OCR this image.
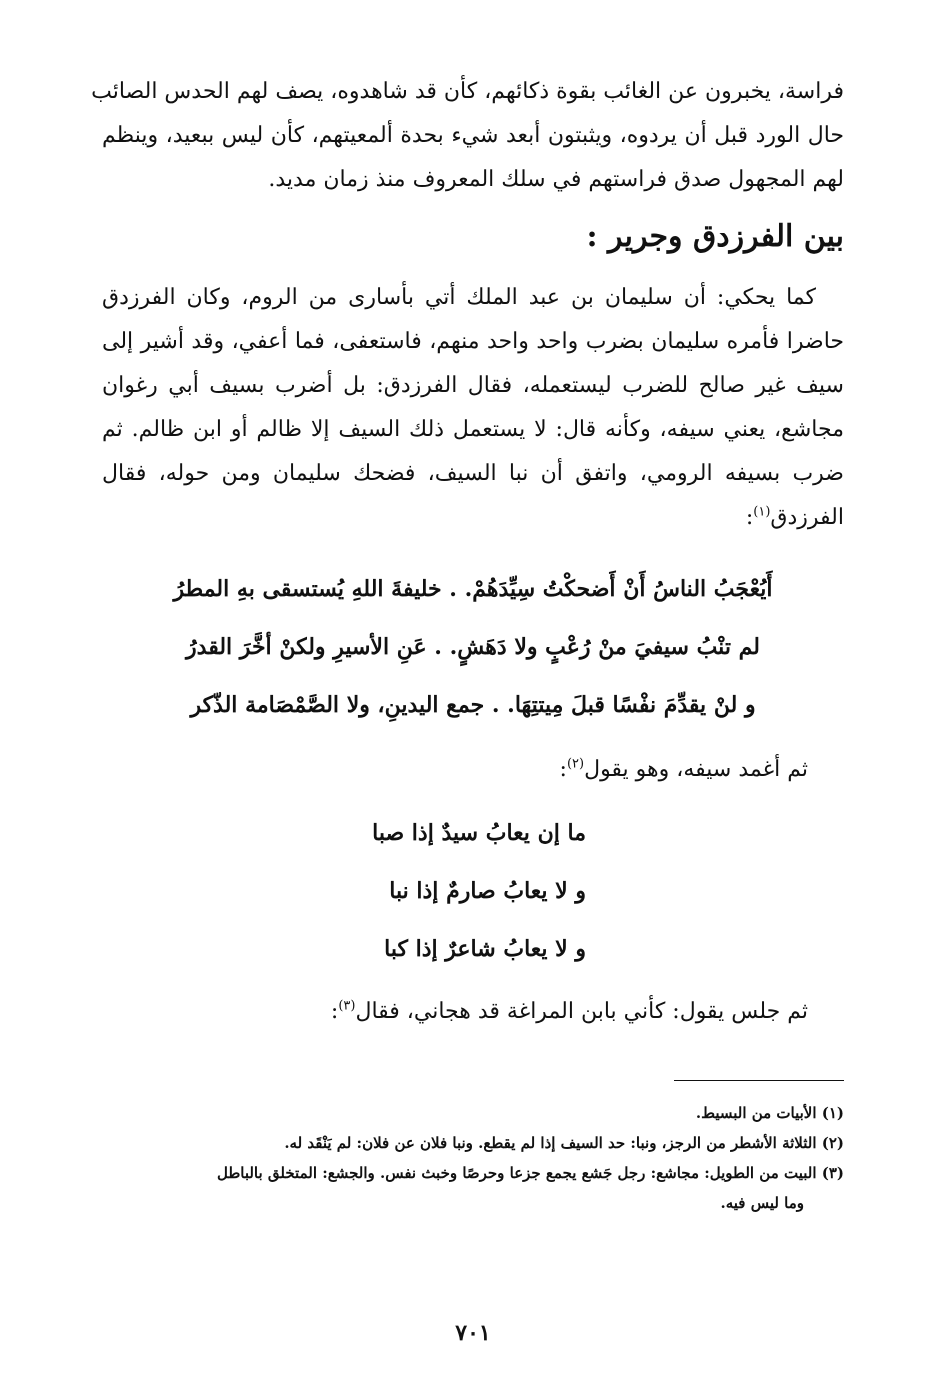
فراسة، يخبرون عن الغائب بقوة ذكائهم، كأن قد شاهدوه، يصف لهم الحدس الصائب
حال الورد قبل أن يردوه، ويثبتون أبعد شيء بحدة ألمعيتهم، كأن ليس ببعيد، وينظم
لهم المجهول صدق فراستهم في سلك المعروف منذ زمان مديد.
بين الفرزدق وجرير :
كما يحكي: أن سليمان بن عبد الملك أتي بأسارى من الروم، وكان الفرزدق
حاضرا فأمره سليمان بضرب واحد واحد منهم، فاستعفى، فما أعفي، وقد أشير إلى
سيف غير صالح للضرب ليستعمله، فقال الفرزدق: بل أضرب بسيف أبي رغوان
مجاشع، يعني سيفه، وكأنه قال: لا يستعمل ذلك السيف إلا ظالم أو ابن ظالم. ثم
ضرب بسيفه الرومي، واتفق أن نبا السيف، فضحك سليمان ومن حوله، فقال
الفرزدق$^{(١)}$:
أَيُعْجَبُ الناسُ أَنْ أَضحكْتُ سِيِّدَهُمْ. . خليفةَ اللهِ يُستسقى بهِ المطرُ
لم تنْبُ سيفيَ منْ رُعْبٍ ولا دَهَشٍ. . عَنِ الأسيرِ ولكنْ أخَّرَ القدرُ
و لنْ يقدِّمَ نفْسًا قبلَ مِيتتِهَا. . جمع اليدينِ، ولا الصَّمْصَامة الذّكر
ثم أغمد سيفه، وهو يقول$^{(٢)}$:
ما إن يعابُ سيدٌ إذا صبا
و لا يعابُ صارمٌ إذا نبا
و لا يعابُ شاعرٌ إذا كبا
ثم جلس يقول: كأني بابن المراغة قد هجاني، فقال$^{(٣)}$:
(١) الأبيات من البسيط.
(٢) الثلاثة الأشطر من الرجز، ونبا: حد السيف إذا لم يقطع. ونبا فلان عن فلان: لم يَنْقَد له.
(٣) البيت من الطويل: مجاشع: رجل جَشع يجمع جزعا وحرصًا وخبث نفس. والجشع: المتخلق بالباطل
وما ليس فيه.
٧٠١
